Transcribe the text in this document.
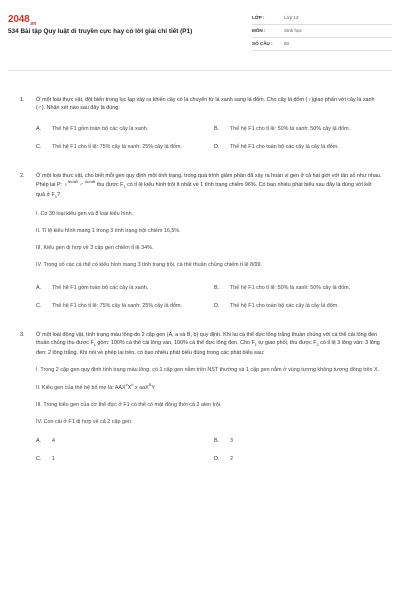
$2048_{.vn}$
534 Bài tập Quy luật di truyền cực hay có lời giải chi tiết (P1)
LỚP :	Lớp 12
MÔN :	Sinh học
SỐ CÂU :	50
1. Ở một loài thực vật, đột biến trong lục lạp xảy ra khiến cây có lá chuyển từ lá xanh sang lá đốm. Cho cây lá đốm (♀)giao phấn với cây lá xanh (♂). Nhận xét nào sau đây là đúng:
A. Thế hệ F1 gồm toàn bộ các cây lá xanh.	B. Thế hệ F1 cho tỉ lệ: 50% lá xanh: 50% cây lá đốm.
C. Thế hệ F1 cho tỉ lệ: 75% cây lá xanh: 25% cây lá đốm.	D. Thế hệ F1 cho toàn bộ các cây lá cây lá đốm.
2. Ở một loài thực vật, cho biết mỗi gen quy định một tính trạng, trong quá trình giảm phân đã xảy ra hoán vị gen ở cả hai giới với tần số như nhau. Phép lai P: ♀$^{Ab/aB}$ ♂ $^{Ab/aB}$ thu được $F_1$ có tỉ lệ kiểu hình trội ít nhất về 1 tính trạng chiếm 96%. Có bao nhiêu phát biểu sau đây là đúng với kết quả ở $F_1$?
I. Có 30 loại kiểu gen và 8 loại kiểu hình.
II. Tỉ lệ kiểu hình mang 1 trong 3 tính trạng trội chiếm 16,5%.
III. Kiểu gen dị hợp về 3 cặp gen chiếm tỉ lệ 34%.
IV. Trong số các cá thể có kiểu hình mang 3 tính trạng trội, cá thể thuần chủng chiếm tỉ lệ 8/99.
A. Thế hệ F1 gồm toàn bộ các cây lá xanh.	B. Thế hệ F1 cho tỉ lệ: 50% lá xanh: 50% cây lá đốm.
C. Thế hệ F1 cho tỉ lệ: 75% cây lá xanh: 25% cây lá đốm.	D. Thế hệ F1 cho toàn bộ các cây lá cây lá đốm.
3. Ở một loài động vật, tính trạng màu lông do 2 cặp gen (A, a và B, b) quy định. Khi lai cá thể đực lông trắng thuần chủng với cá thể cái lông đen thuần chủng thu được $F_1$ gồm: 100% cá thể cái lông vàn, 100% cá thể đực lông đen. Cho $F_1$ tự giao phối, thu được $F_2$ có tỉ lệ 3 lông vàn: 3 lông đen: 2 lông trắng. Khi nói về phép lai trên, có bao nhiêu phát biểu đúng trong các phát biểu sau:
I. Trong 2 cặp gen quy định tính trạng màu lông, có 1 cặp gen nằm trên NST thường và 1 cặp gen nằm ở vùng tương không tương đồng trên X.
II. Kiểu gen của thế hệ bố mẹ là: $AAX^bX^b$ x aaX$^B$Y
III. Trong kiểu gen của cơ thể đực ở F1 có thể có mặt đồng thời cả 2 alen trội.
IV. Con cái ở F1 dị hợp về cả 2 cặp gen.
A. 4	B. 3
C. 1	D. 2
